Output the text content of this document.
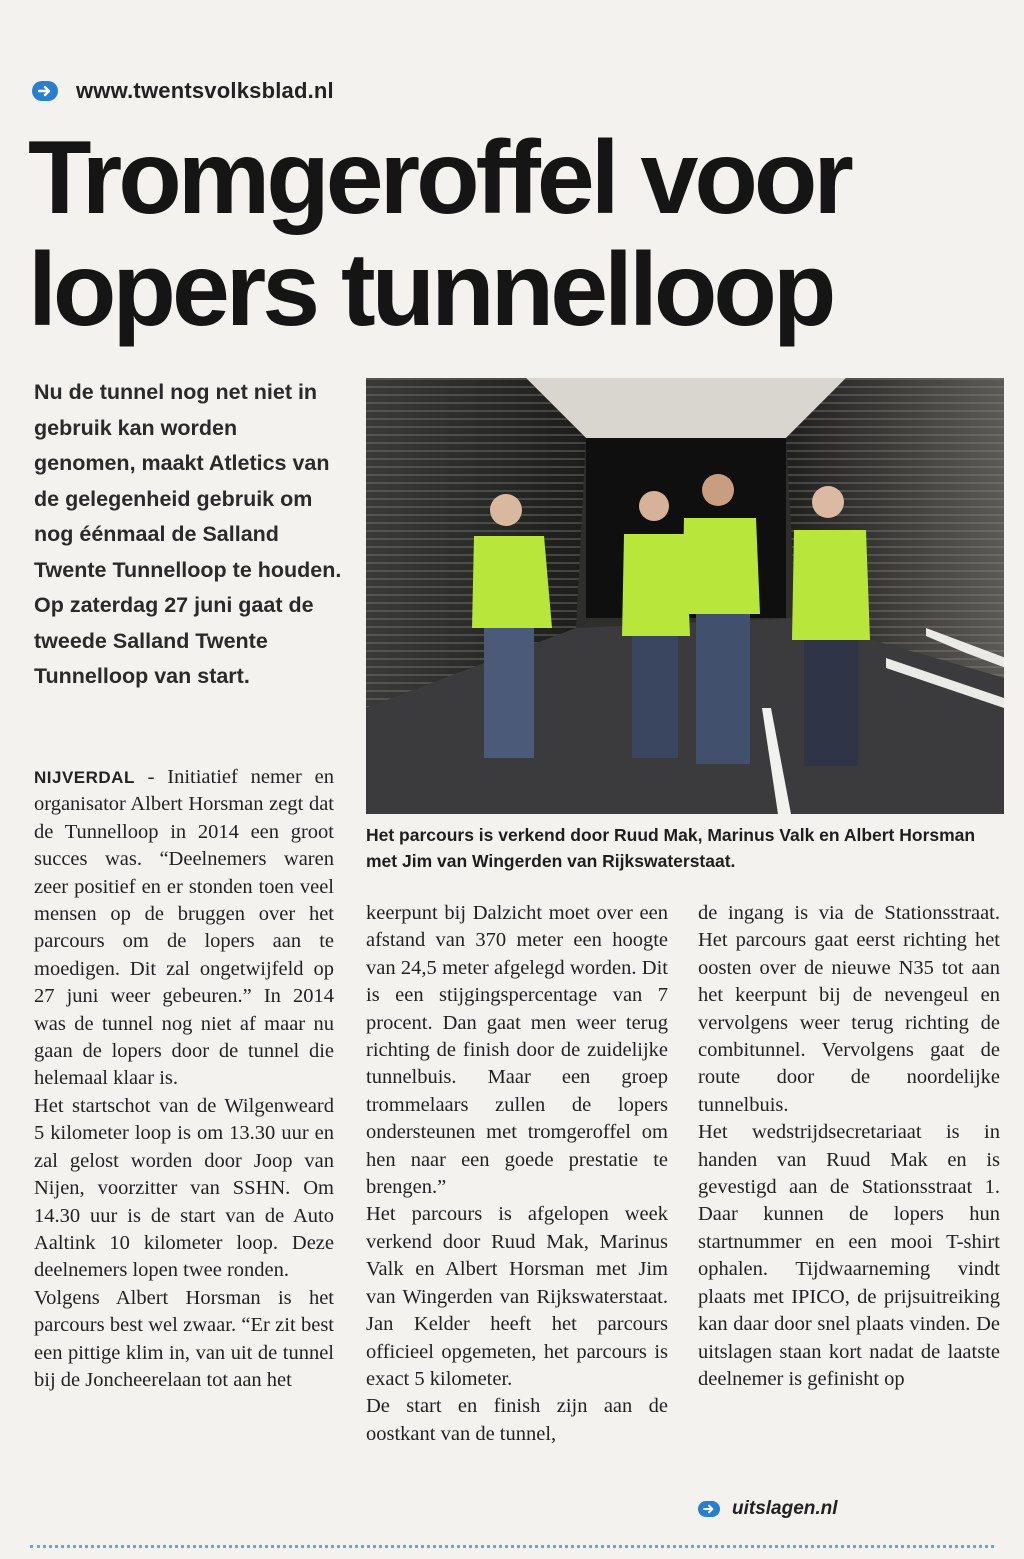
www.twentsvolksblad.nl
Tromgeroffel voor
lopers tunnelloop
Nu de tunnel nog net niet in gebruik kan worden genomen, maakt Atletics van de gelegenheid gebruik om nog éénmaal de Salland Twente Tunnelloop te houden. Op zaterdag 27 juni gaat de tweede Salland Twente Tunnelloop van start.
Het parcours is verkend door Ruud Mak, Marinus Valk en Albert Horsman met Jim van Wingerden van Rijkswaterstaat.

NIJVERDAL - Initiatief nemer en organisator Albert Horsman zegt dat de Tunnelloop in 2014 een groot succes was. “Deelnemers waren zeer positief en er stonden toen veel mensen op de bruggen over het parcours om de lopers aan te moedigen. Dit zal ongetwijfeld op 27 juni weer gebeuren.” In 2014 was de tunnel nog niet af maar nu gaan de lopers door de tunnel die helemaal klaar is.

Het startschot van de Wilgenweard 5 kilometer loop is om 13.30 uur en zal gelost worden door Joop van Nijen, voorzitter van SSHN. Om 14.30 uur is de start van de Auto Aaltink 10 kilometer loop. Deze deelnemers lopen twee ronden.

Volgens Albert Horsman is het parcours best wel zwaar. “Er zit best een pittige klim in, van uit de tunnel bij de Joncheerelaan tot aan het

keerpunt bij Dalzicht moet over een afstand van 370 meter een hoogte van 24,5 meter afgelegd worden. Dit is een stijgingspercentage van 7 procent. Dan gaat men weer terug richting de finish door de zuidelijke tunnelbuis. Maar een groep trommelaars zullen de lopers ondersteunen met tromgeroffel om hen naar een goede prestatie te brengen.”

Het parcours is afgelopen week verkend door Ruud Mak, Marinus Valk en Albert Horsman met Jim van Wingerden van Rijkswaterstaat. Jan Kelder heeft het parcours officieel opgemeten, het parcours is exact 5 kilometer.

De start en finish zijn aan de oostkant van de tunnel,

de ingang is via de Stationsstraat. Het parcours gaat eerst richting het oosten over de nieuwe N35 tot aan het keerpunt bij de nevengeul en vervolgens weer terug richting de combitunnel. Vervolgens gaat de route door de noordelijke tunnelbuis.

Het wedstrijdsecretariaat is in handen van Ruud Mak en is gevestigd aan de Stationsstraat 1. Daar kunnen de lopers hun startnummer en een mooi T-shirt ophalen. Tijdwaarneming vindt plaats met IPICO, de prijsuitreiking kan daar door snel plaats vinden. De uitslagen staan kort nadat de laatste deelnemer is gefinisht op

uitslagen.nl
